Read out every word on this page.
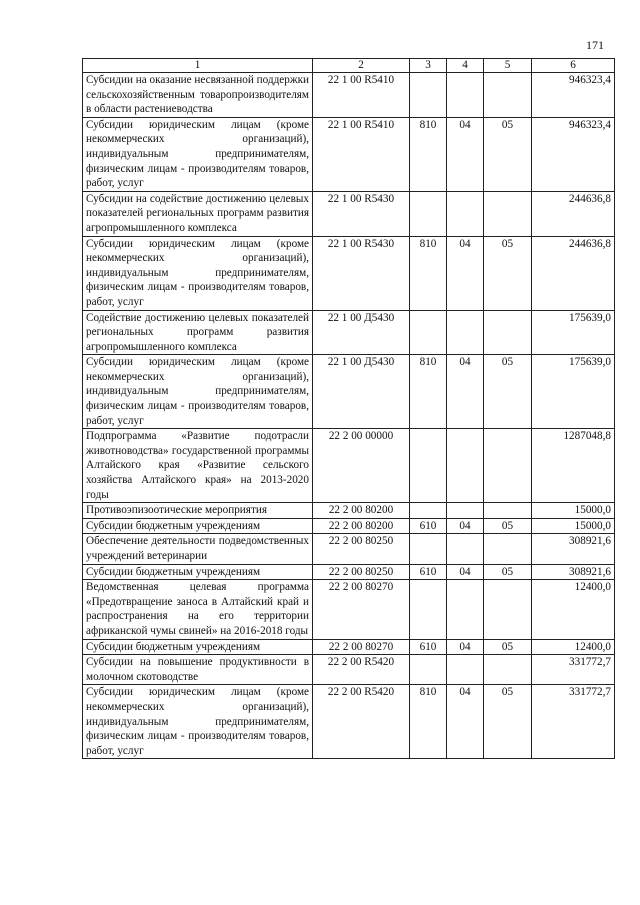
171
1	2	3	4	5	6
Субсидии на оказание несвязанной поддержки сельскохозяйственным товаропроизводителям в области растениеводства	22 1 00 R5410				946323,4
Субсидии юридическим лицам (кроме некоммерческих организаций), индивидуальным предпринимателям, физическим лицам - производителям товаров, работ, услуг	22 1 00 R5410	810	04	05	946323,4
Субсидии на содействие достижению целевых показателей региональных программ развития агропромышленного комплекса	22 1 00 R5430				244636,8
Субсидии юридическим лицам (кроме некоммерческих организаций), индивидуальным предпринимателям, физическим лицам - производителям товаров, работ, услуг	22 1 00 R5430	810	04	05	244636,8
Содействие достижению целевых показателей региональных программ развития агропромышленного комплекса	22 1 00 Д5430				175639,0
Субсидии юридическим лицам (кроме некоммерческих организаций), индивидуальным предпринимателям, физическим лицам - производителям товаров, работ, услуг	22 1 00 Д5430	810	04	05	175639,0
Подпрограмма «Развитие подотрасли животноводства» государственной программы Алтайского края «Развитие сельского хозяйства Алтайского края» на 2013-2020 годы	22 2 00 00000				1287048,8
Противоэпизоотические мероприятия	22 2 00 80200				15000,0
Субсидии бюджетным учреждениям	22 2 00 80200	610	04	05	15000,0
Обеспечение деятельности подведомственных учреждений ветеринарии	22 2 00 80250				308921,6
Субсидии бюджетным учреждениям	22 2 00 80250	610	04	05	308921,6
Ведомственная целевая программа «Предотвращение заноса в Алтайский край и распространения на его территории африканской чумы свиней» на 2016-2018 годы	22 2 00 80270				12400,0
Субсидии бюджетным учреждениям	22 2 00 80270	610	04	05	12400,0
Субсидии на повышение продуктивности в молочном скотоводстве	22 2 00 R5420				331772,7
Субсидии юридическим лицам (кроме некоммерческих организаций), индивидуальным предпринимателям, физическим лицам - производителям товаров, работ, услуг	22 2 00 R5420	810	04	05	331772,7
